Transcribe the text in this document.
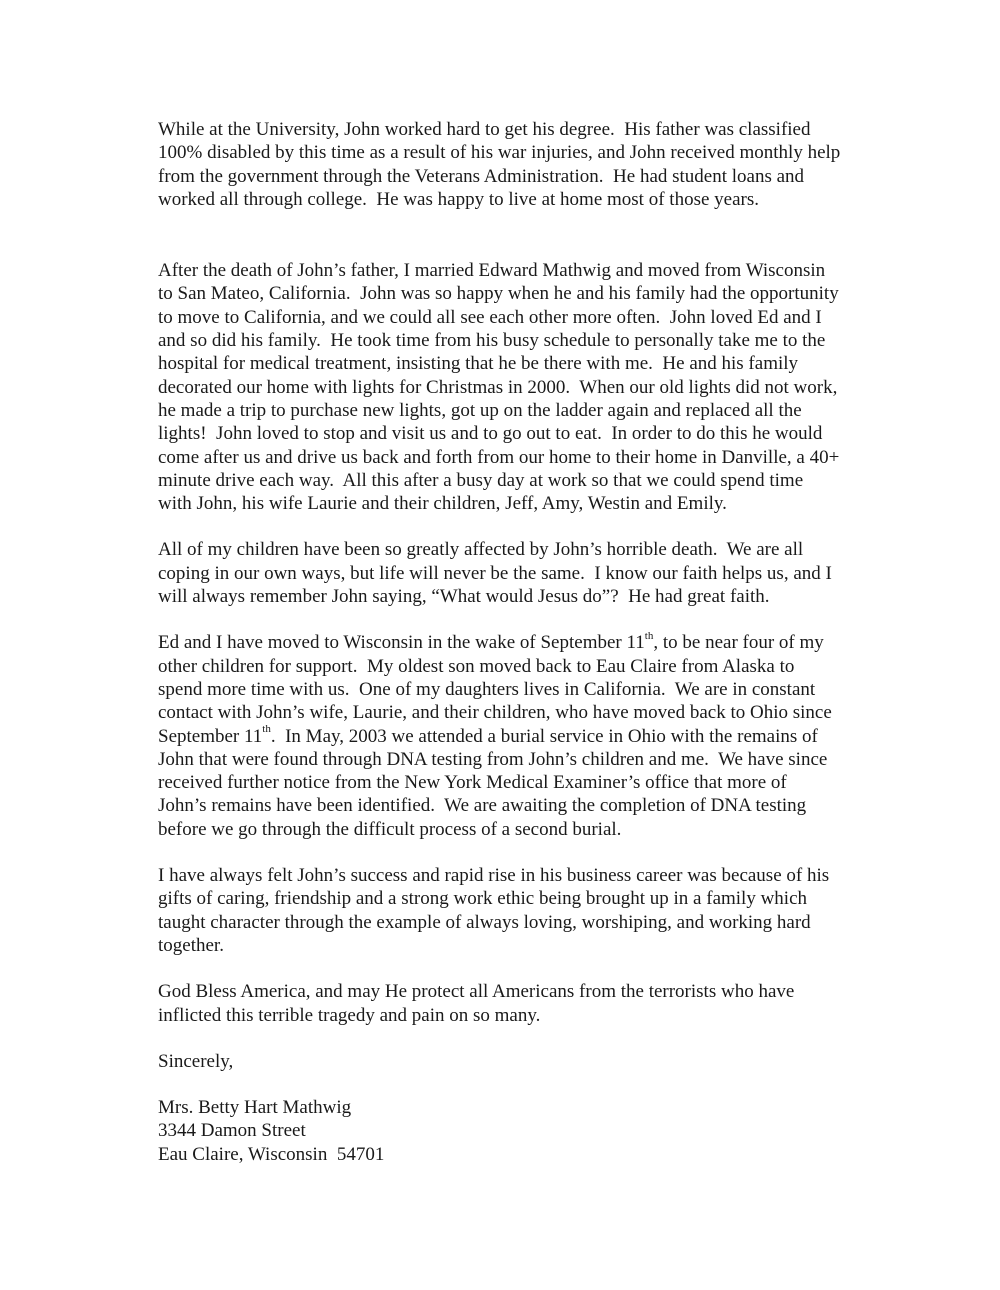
While at the University, John worked hard to get his degree.  His father was classified
100% disabled by this time as a result of his war injuries, and John received monthly help
from the government through the Veterans Administration.  He had student loans and
worked all through college.  He was happy to live at home most of those years.

After the death of John’s father, I married Edward Mathwig and moved from Wisconsin
to San Mateo, California.  John was so happy when he and his family had the opportunity
to move to California, and we could all see each other more often.  John loved Ed and I
and so did his family.  He took time from his busy schedule to personally take me to the
hospital for medical treatment, insisting that he be there with me.  He and his family
decorated our home with lights for Christmas in 2000.  When our old lights did not work,
he made a trip to purchase new lights, got up on the ladder again and replaced all the
lights!  John loved to stop and visit us and to go out to eat.  In order to do this he would
come after us and drive us back and forth from our home to their home in Danville, a 40+
minute drive each way.  All this after a busy day at work so that we could spend time
with John, his wife Laurie and their children, Jeff, Amy, Westin and Emily.

All of my children have been so greatly affected by John’s horrible death.  We are all
coping in our own ways, but life will never be the same.  I know our faith helps us, and I
will always remember John saying, “What would Jesus do”?  He had great faith.

Ed and I have moved to Wisconsin in the wake of September 11th, to be near four of my
other children for support.  My oldest son moved back to Eau Claire from Alaska to
spend more time with us.  One of my daughters lives in California.  We are in constant
contact with John’s wife, Laurie, and their children, who have moved back to Ohio since
September 11th.  In May, 2003 we attended a burial service in Ohio with the remains of
John that were found through DNA testing from John’s children and me.  We have since
received further notice from the New York Medical Examiner’s office that more of
John’s remains have been identified.  We are awaiting the completion of DNA testing
before we go through the difficult process of a second burial.

I have always felt John’s success and rapid rise in his business career was because of his
gifts of caring, friendship and a strong work ethic being brought up in a family which
taught character through the example of always loving, worshiping, and working hard
together.

God Bless America, and may He protect all Americans from the terrorists who have
inflicted this terrible tragedy and pain on so many.

Sincerely,

Mrs. Betty Hart Mathwig
3344 Damon Street
Eau Claire, Wisconsin  54701
